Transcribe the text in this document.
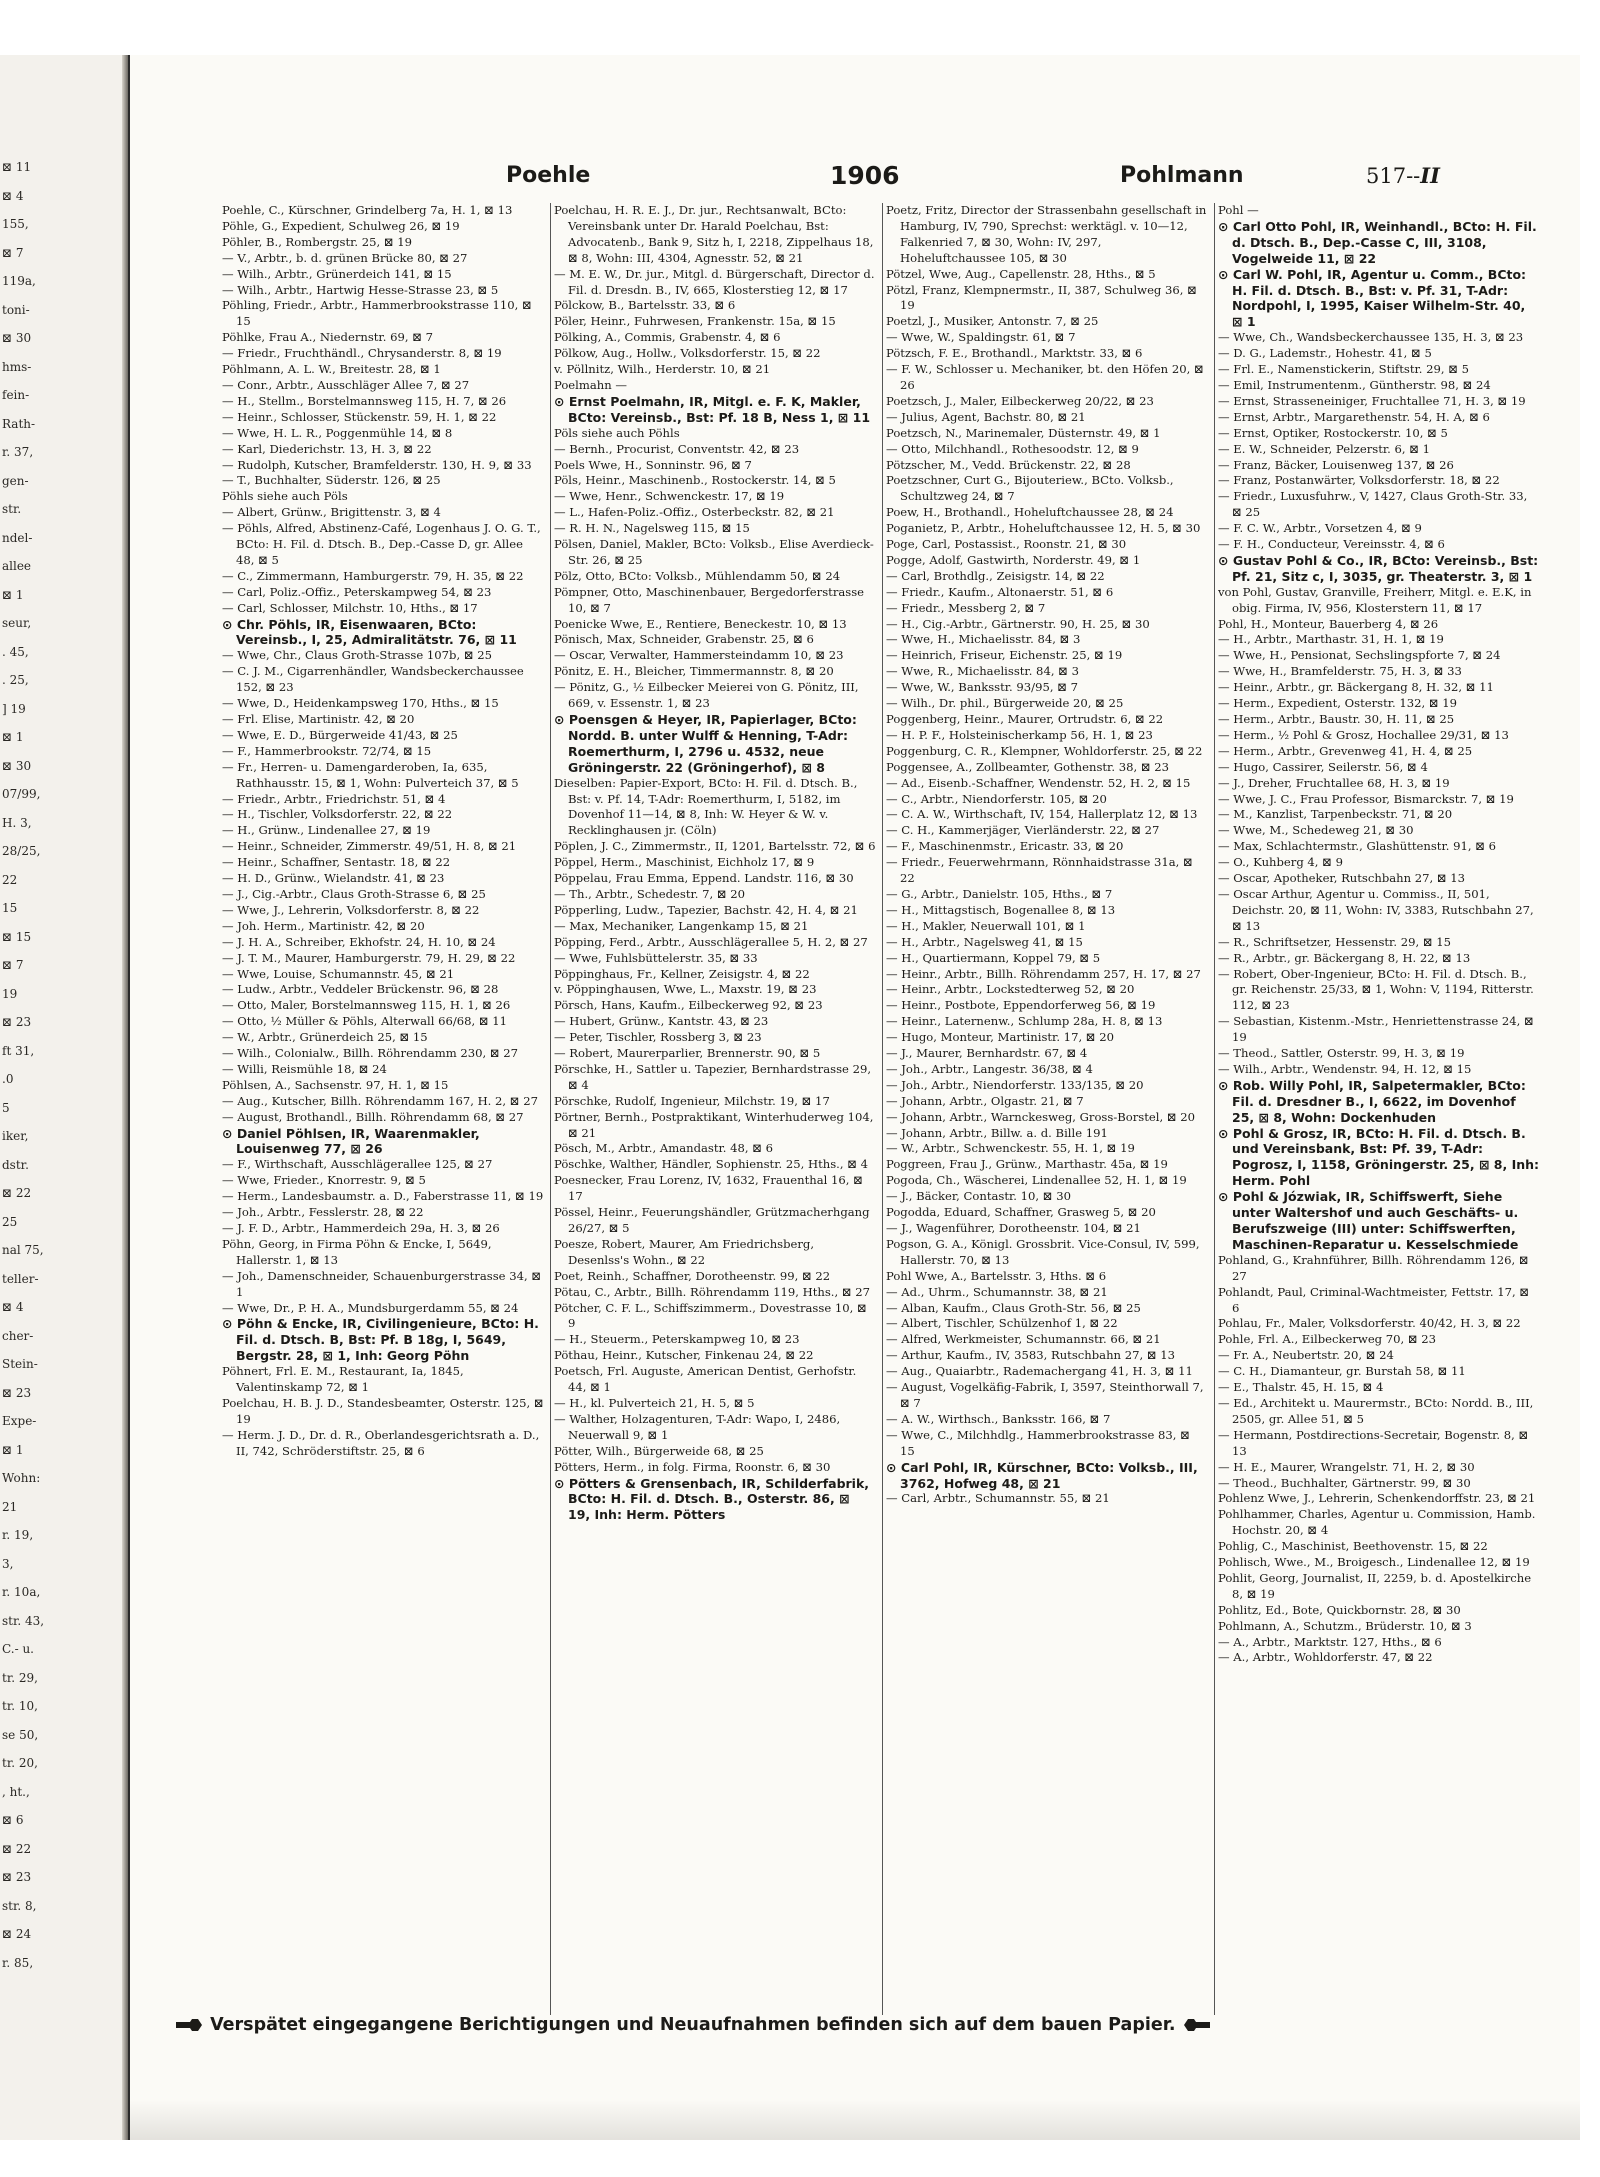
⊠ 11
⊠ 4
155,
⊠ 7
119a,
toni-
⊠ 30
hms-
fein-
Rath-
r. 37,
gen-
str.
ndel-
allee
⊠ 1
seur,
. 45,
. 25,
] 19
⊠ 1
⊠ 30
07/99,
H. 3,
28/25,
22
15
⊠ 15
⊠ 7
19
⊠ 23
ft 31,
.0
5
iker,
dstr.
⊠ 22
25
nal 75,
teller-
⊠ 4
cher-
Stein-
⊠ 23
Expe-
⊠ 1
Wohn:
21
r. 19,
3,
r. 10a,
str. 43,
C.- u.
tr. 29,
tr. 10,
se 50,
tr. 20,
, ht.,
⊠ 6
⊠ 22
⊠ 23
str. 8,
⊠ 24
r. 85,
Poehle	1906	Pohlmann	517--II

Poehle, C., Kürschner, Grindelberg 7a, H. 1, ⊠ 13

Pöhle, G., Expedient, Schulweg 26, ⊠ 19

Pöhler, B., Rombergstr. 25, ⊠ 19

— V., Arbtr., b. d. grünen Brücke 80, ⊠ 27

— Wilh., Arbtr., Grünerdeich 141, ⊠ 15

— Wilh., Arbtr., Hartwig Hesse-Strasse 23, ⊠ 5

Pöhling, Friedr., Arbtr., Hammerbrookstrasse 110, ⊠ 15

Pöhlke, Frau A., Niedernstr. 69, ⊠ 7

— Friedr., Fruchthändl., Chrysanderstr. 8, ⊠ 19

Pöhlmann, A. L. W., Breitestr. 28, ⊠ 1

— Conr., Arbtr., Ausschläger Allee 7, ⊠ 27

— H., Stellm., Borstelmannsweg 115, H. 7, ⊠ 26

— Heinr., Schlosser, Stückenstr. 59, H. 1, ⊠ 22

— Wwe, H. L. R., Poggenmühle 14, ⊠ 8

— Karl, Diederichstr. 13, H. 3, ⊠ 22

— Rudolph, Kutscher, Bramfelderstr. 130, H. 9, ⊠ 33

— T., Buchhalter, Süderstr. 126, ⊠ 25

Pöhls siehe auch Pöls

— Albert, Grünw., Brigittenstr. 3, ⊠ 4

— Pöhls, Alfred, Abstinenz-Café, Logenhaus J. O. G. T., BCto: H. Fil. d. Dtsch. B., Dep.-Casse D, gr. Allee 48, ⊠ 5

— C., Zimmermann, Hamburgerstr. 79, H. 35, ⊠ 22

— Carl, Poliz.-Offiz., Peterskampweg 54, ⊠ 23

— Carl, Schlosser, Milchstr. 10, Hths., ⊠ 17

⊙ Chr. Pöhls, IR, Eisenwaaren, BCto: Vereinsb., I, 25, Admiralitätstr. 76, ⊠ 11

— Wwe, Chr., Claus Groth-Strasse 107b, ⊠ 25

— C. J. M., Cigarrenhändler, Wandsbeckerchaussee 152, ⊠ 23

— Wwe, D., Heidenkampsweg 170, Hths., ⊠ 15

— Frl. Elise, Martinistr. 42, ⊠ 20

— Wwe, E. D., Bürgerweide 41/43, ⊠ 25

— F., Hammerbrookstr. 72/74, ⊠ 15

— Fr., Herren- u. Damengarderoben, Ia, 635, Rathhausstr. 15, ⊠ 1, Wohn: Pulverteich 37, ⊠ 5

— Friedr., Arbtr., Friedrichstr. 51, ⊠ 4

— H., Tischler, Volksdorferstr. 22, ⊠ 22

— H., Grünw., Lindenallee 27, ⊠ 19

— Heinr., Schneider, Zimmerstr. 49/51, H. 8, ⊠ 21

— Heinr., Schaffner, Sentastr. 18, ⊠ 22

— H. D., Grünw., Wielandstr. 41, ⊠ 23

— J., Cig.-Arbtr., Claus Groth-Strasse 6, ⊠ 25

— Wwe, J., Lehrerin, Volksdorferstr. 8, ⊠ 22

— Joh. Herm., Martinistr. 42, ⊠ 20

— J. H. A., Schreiber, Ekhofstr. 24, H. 10, ⊠ 24

— J. T. M., Maurer, Hamburgerstr. 79, H. 29, ⊠ 22

— Wwe, Louise, Schumannstr. 45, ⊠ 21

— Ludw., Arbtr., Veddeler Brückenstr. 96, ⊠ 28

— Otto, Maler, Borstelmannsweg 115, H. 1, ⊠ 26

— Otto, ½ Müller & Pöhls, Alterwall 66/68, ⊠ 11

— W., Arbtr., Grünerdeich 25, ⊠ 15

— Wilh., Colonialw., Billh. Röhrendamm 230, ⊠ 27

— Willi, Reismühle 18, ⊠ 24

Pöhlsen, A., Sachsenstr. 97, H. 1, ⊠ 15

— Aug., Kutscher, Billh. Röhrendamm 167, H. 2, ⊠ 27

— August, Brothandl., Billh. Röhrendamm 68, ⊠ 27

⊙ Daniel Pöhlsen, IR, Waarenmakler, Louisenweg 77, ⊠ 26

— F., Wirthschaft, Ausschlägerallee 125, ⊠ 27

— Wwe, Frieder., Knorrestr. 9, ⊠ 5

— Herm., Landesbaumstr. a. D., Faberstrasse 11, ⊠ 19

— Joh., Arbtr., Fesslerstr. 28, ⊠ 22

— J. F. D., Arbtr., Hammerdeich 29a, H. 3, ⊠ 26

Pöhn, Georg, in Firma Pöhn & Encke, I, 5649, Hallerstr. 1, ⊠ 13

— Joh., Damenschneider, Schauenburgerstrasse 34, ⊠ 1

— Wwe, Dr., P. H. A., Mundsburgerdamm 55, ⊠ 24

⊙ Pöhn & Encke, IR, Civilingenieure, BCto: H. Fil. d. Dtsch. B, Bst: Pf. B 18g, I, 5649, Bergstr. 28, ⊠ 1, Inh: Georg Pöhn

Pöhnert, Frl. E. M., Restaurant, Ia, 1845, Valentinskamp 72, ⊠ 1

Poelchau, H. B. J. D., Standesbeamter, Osterstr. 125, ⊠ 19

— Herm. J. D., Dr. d. R., Oberlandesgerichtsrath a. D., II, 742, Schröderstiftstr. 25, ⊠ 6

Poelchau, H. R. E. J., Dr. jur., Rechtsanwalt, BCto: Vereinsbank unter Dr. Harald Poelchau, Bst: Advocatenb., Bank 9, Sitz h, I, 2218, Zippelhaus 18, ⊠ 8, Wohn: III, 4304, Agnesstr. 52, ⊠ 21

— M. E. W., Dr. jur., Mitgl. d. Bürgerschaft, Director d. Fil. d. Dresdn. B., IV, 665, Klosterstieg 12, ⊠ 17

Pölckow, B., Bartelsstr. 33, ⊠ 6

Pöler, Heinr., Fuhrwesen, Frankenstr. 15a, ⊠ 15

Pölking, A., Commis, Grabenstr. 4, ⊠ 6

Pölkow, Aug., Hollw., Volksdorferstr. 15, ⊠ 22

v. Pöllnitz, Wilh., Herderstr. 10, ⊠ 21

Poelmahn —

⊙ Ernst Poelmahn, IR, Mitgl. e. F. K, Makler, BCto: Vereinsb., Bst: Pf. 18 B, Ness 1, ⊠ 11

Pöls siehe auch Pöhls

— Bernh., Procurist, Conventstr. 42, ⊠ 23

Poels Wwe, H., Sonninstr. 96, ⊠ 7

Pöls, Heinr., Maschinenb., Rostockerstr. 14, ⊠ 5

— Wwe, Henr., Schwenckestr. 17, ⊠ 19

— L., Hafen-Poliz.-Offiz., Osterbeckstr. 82, ⊠ 21

— R. H. N., Nagelsweg 115, ⊠ 15

Pölsen, Daniel, Makler, BCto: Volksb., Elise Averdieck-Str. 26, ⊠ 25

Pölz, Otto, BCto: Volksb., Mühlendamm 50, ⊠ 24

Pömpner, Otto, Maschinenbauer, Bergedorferstrasse 10, ⊠ 7

Poenicke Wwe, E., Rentiere, Beneckestr. 10, ⊠ 13

Pönisch, Max, Schneider, Grabenstr. 25, ⊠ 6

— Oscar, Verwalter, Hammersteindamm 10, ⊠ 23

Pönitz, E. H., Bleicher, Timmermannstr. 8, ⊠ 20

— Pönitz, G., ½ Eilbecker Meierei von G. Pönitz, III, 669, v. Essenstr. 1, ⊠ 23

⊙ Poensgen & Heyer, IR, Papierlager, BCto: Nordd. B. unter Wulff & Henning, T-Adr: Roemerthurm, I, 2796 u. 4532, neue Gröningerstr. 22 (Gröningerhof), ⊠ 8

Dieselben: Papier-Export, BCto: H. Fil. d. Dtsch. B., Bst: v. Pf. 14, T-Adr: Roemerthurm, I, 5182, im Dovenhof 11—14, ⊠ 8, Inh: W. Heyer & W. v. Recklinghausen jr. (Cöln)

Pöplen, J. C., Zimmermstr., II, 1201, Bartelsstr. 72, ⊠ 6

Pöppel, Herm., Maschinist, Eichholz 17, ⊠ 9

Pöppelau, Frau Emma, Eppend. Landstr. 116, ⊠ 30

— Th., Arbtr., Schedestr. 7, ⊠ 20

Pöpperling, Ludw., Tapezier, Bachstr. 42, H. 4, ⊠ 21

— Max, Mechaniker, Langenkamp 15, ⊠ 21

Pöpping, Ferd., Arbtr., Ausschlägerallee 5, H. 2, ⊠ 27

— Wwe, Fuhlsbüttelerstr. 35, ⊠ 33

Pöppinghaus, Fr., Kellner, Zeisigstr. 4, ⊠ 22

v. Pöppinghausen, Wwe, L., Maxstr. 19, ⊠ 23

Pörsch, Hans, Kaufm., Eilbeckerweg 92, ⊠ 23

— Hubert, Grünw., Kantstr. 43, ⊠ 23

— Peter, Tischler, Rossberg 3, ⊠ 23

— Robert, Maurerparlier, Brennerstr. 90, ⊠ 5

Pörschke, H., Sattler u. Tapezier, Bernhardstrasse 29, ⊠ 4

Pörschke, Rudolf, Ingenieur, Milchstr. 19, ⊠ 17

Pörtner, Bernh., Postpraktikant, Winterhuderweg 104, ⊠ 21

Pösch, M., Arbtr., Amandastr. 48, ⊠ 6

Pöschke, Walther, Händler, Sophienstr. 25, Hths., ⊠ 4

Poesnecker, Frau Lorenz, IV, 1632, Frauenthal 16, ⊠ 17

Pössel, Heinr., Feuerungshändler, Grützmacherhgang 26/27, ⊠ 5

Poesze, Robert, Maurer, Am Friedrichsberg, Desenlss's Wohn., ⊠ 22

Poet, Reinh., Schaffner, Dorotheenstr. 99, ⊠ 22

Pötau, C., Arbtr., Billh. Röhrendamm 119, Hths., ⊠ 27

Pötcher, C. F. L., Schiffszimmerm., Dovestrasse 10, ⊠ 9

— H., Steuerm., Peterskampweg 10, ⊠ 23

Pöthau, Heinr., Kutscher, Finkenau 24, ⊠ 22

Poetsch, Frl. Auguste, American Dentist, Gerhofstr. 44, ⊠ 1

— H., kl. Pulverteich 21, H. 5, ⊠ 5

— Walther, Holzagenturen, T-Adr: Wapo, I, 2486, Neuerwall 9, ⊠ 1

Pötter, Wilh., Bürgerweide 68, ⊠ 25

Pötters, Herm., in folg. Firma, Roonstr. 6, ⊠ 30

⊙ Pötters & Grensenbach, IR, Schilderfabrik, BCto: H. Fil. d. Dtsch. B., Osterstr. 86, ⊠ 19, Inh: Herm. Pötters

Poetz, Fritz, Director der Strassenbahn gesellschaft in Hamburg, IV, 790, Sprechst: werktägl. v. 10—12, Falkenried 7, ⊠ 30, Wohn: IV, 297, Hoheluftchaussee 105, ⊠ 30

Pötzel, Wwe, Aug., Capellenstr. 28, Hths., ⊠ 5

Pötzl, Franz, Klempnermstr., II, 387, Schulweg 36, ⊠ 19

Poetzl, J., Musiker, Antonstr. 7, ⊠ 25

— Wwe, W., Spaldingstr. 61, ⊠ 7

Pötzsch, F. E., Brothandl., Marktstr. 33, ⊠ 6

— F. W., Schlosser u. Mechaniker, bt. den Höfen 20, ⊠ 26

Poetzsch, J., Maler, Eilbeckerweg 20/22, ⊠ 23

— Julius, Agent, Bachstr. 80, ⊠ 21

Poetzsch, N., Marinemaler, Düsternstr. 49, ⊠ 1

— Otto, Milchhandl., Rothesoodstr. 12, ⊠ 9

Pötzscher, M., Vedd. Brückenstr. 22, ⊠ 28

Poetzschner, Curt G., Bijouteriew., BCto. Volksb., Schultzweg 24, ⊠ 7

Poew, H., Brothandl., Hoheluftchaussee 28, ⊠ 24

Poganietz, P., Arbtr., Hoheluftchaussee 12, H. 5, ⊠ 30

Poge, Carl, Postassist., Roonstr. 21, ⊠ 30

Pogge, Adolf, Gastwirth, Norderstr. 49, ⊠ 1

— Carl, Brothdlg., Zeisigstr. 14, ⊠ 22

— Friedr., Kaufm., Altonaerstr. 51, ⊠ 6

— Friedr., Messberg 2, ⊠ 7

— H., Cig.-Arbtr., Gärtnerstr. 90, H. 25, ⊠ 30

— Wwe, H., Michaelisstr. 84, ⊠ 3

— Heinrich, Friseur, Eichenstr. 25, ⊠ 19

— Wwe, R., Michaelisstr. 84, ⊠ 3

— Wwe, W., Banksstr. 93/95, ⊠ 7

— Wilh., Dr. phil., Bürgerweide 20, ⊠ 25

Poggenberg, Heinr., Maurer, Ortrudstr. 6, ⊠ 22

— H. P. F., Holsteinischerkamp 56, H. 1, ⊠ 23

Poggenburg, C. R., Klempner, Wohldorferstr. 25, ⊠ 22

Poggensee, A., Zollbeamter, Gothenstr. 38, ⊠ 23

— Ad., Eisenb.-Schaffner, Wendenstr. 52, H. 2, ⊠ 15

— C., Arbtr., Niendorferstr. 105, ⊠ 20

— C. A. W., Wirthschaft, IV, 154, Hallerplatz 12, ⊠ 13

— C. H., Kammerjäger, Vierländerstr. 22, ⊠ 27

— F., Maschinenmstr., Ericastr. 33, ⊠ 20

— Friedr., Feuerwehrmann, Rönnhaidstrasse 31a, ⊠ 22

— G., Arbtr., Danielstr. 105, Hths., ⊠ 7

— H., Mittagstisch, Bogenallee 8, ⊠ 13

— H., Makler, Neuerwall 101, ⊠ 1

— H., Arbtr., Nagelsweg 41, ⊠ 15

— H., Quartiermann, Koppel 79, ⊠ 5

— Heinr., Arbtr., Billh. Röhrendamm 257, H. 17, ⊠ 27

— Heinr., Arbtr., Lockstedterweg 52, ⊠ 20

— Heinr., Postbote, Eppendorferweg 56, ⊠ 19

— Heinr., Laternenw., Schlump 28a, H. 8, ⊠ 13

— Hugo, Monteur, Martinistr. 17, ⊠ 20

— J., Maurer, Bernhardstr. 67, ⊠ 4

— Joh., Arbtr., Langestr. 36/38, ⊠ 4

— Joh., Arbtr., Niendorferstr. 133/135, ⊠ 20

— Johann, Arbtr., Olgastr. 21, ⊠ 7

— Johann, Arbtr., Warnckesweg, Gross-Borstel, ⊠ 20

— Johann, Arbtr., Billw. a. d. Bille 191

— W., Arbtr., Schwenckestr. 55, H. 1, ⊠ 19

Poggreen, Frau J., Grünw., Marthastr. 45a, ⊠ 19

Pogoda, Ch., Wäscherei, Lindenallee 52, H. 1, ⊠ 19

— J., Bäcker, Contastr. 10, ⊠ 30

Pogodda, Eduard, Schaffner, Grasweg 5, ⊠ 20

— J., Wagenführer, Dorotheenstr. 104, ⊠ 21

Pogson, G. A., Königl. Grossbrit. Vice-Consul, IV, 599, Hallerstr. 70, ⊠ 13

Pohl Wwe, A., Bartelsstr. 3, Hths. ⊠ 6

— Ad., Uhrm., Schumannstr. 38, ⊠ 21

— Alban, Kaufm., Claus Groth-Str. 56, ⊠ 25

— Albert, Tischler, Schülzenhof 1, ⊠ 22

— Alfred, Werkmeister, Schumannstr. 66, ⊠ 21

— Arthur, Kaufm., IV, 3583, Rutschbahn 27, ⊠ 13

— Aug., Quaiarbtr., Rademachergang 41, H. 3, ⊠ 11

— August, Vogelkäfig-Fabrik, I, 3597, Steinthorwall 7, ⊠ 7

— A. W., Wirthsch., Banksstr. 166, ⊠ 7

— Wwe, C., Milchhdlg., Hammerbrookstrasse 83, ⊠ 15

⊙ Carl Pohl, IR, Kürschner, BCto: Volksb., III, 3762, Hofweg 48, ⊠ 21

— Carl, Arbtr., Schumannstr. 55, ⊠ 21

Pohl —

⊙ Carl Otto Pohl, IR, Weinhandl., BCto: H. Fil. d. Dtsch. B., Dep.-Casse C, III, 3108, Vogelweide 11, ⊠ 22

⊙ Carl W. Pohl, IR, Agentur u. Comm., BCto: H. Fil. d. Dtsch. B., Bst: v. Pf. 31, T-Adr: Nordpohl, I, 1995, Kaiser Wilhelm-Str. 40, ⊠ 1

— Wwe, Ch., Wandsbeckerchaussee 135, H. 3, ⊠ 23

— D. G., Lademstr., Hohestr. 41, ⊠ 5

— Frl. E., Namenstickerin, Stiftstr. 29, ⊠ 5

— Emil, Instrumentenm., Güntherstr. 98, ⊠ 24

— Ernst, Strasseneiniger, Fruchtallee 71, H. 3, ⊠ 19

— Ernst, Arbtr., Margarethenstr. 54, H. A, ⊠ 6

— Ernst, Optiker, Rostockerstr. 10, ⊠ 5

— E. W., Schneider, Pelzerstr. 6, ⊠ 1

— Franz, Bäcker, Louisenweg 137, ⊠ 26

— Franz, Postanwärter, Volksdorferstr. 18, ⊠ 22

— Friedr., Luxusfuhrw., V, 1427, Claus Groth-Str. 33, ⊠ 25

— F. C. W., Arbtr., Vorsetzen 4, ⊠ 9

— F. H., Conducteur, Vereinsstr. 4, ⊠ 6

⊙ Gustav Pohl & Co., IR, BCto: Vereinsb., Bst: Pf. 21, Sitz c, I, 3035, gr. Theaterstr. 3, ⊠ 1

von Pohl, Gustav, Granville, Freiherr, Mitgl. e. E.K, in obig. Firma, IV, 956, Klosterstern 11, ⊠ 17

Pohl, H., Monteur, Bauerberg 4, ⊠ 26

— H., Arbtr., Marthastr. 31, H. 1, ⊠ 19

— Wwe, H., Pensionat, Sechslingspforte 7, ⊠ 24

— Wwe, H., Bramfelderstr. 75, H. 3, ⊠ 33

— Heinr., Arbtr., gr. Bäckergang 8, H. 32, ⊠ 11

— Herm., Expedient, Osterstr. 132, ⊠ 19

— Herm., Arbtr., Baustr. 30, H. 11, ⊠ 25

— Herm., ½ Pohl & Grosz, Hochallee 29/31, ⊠ 13

— Herm., Arbtr., Grevenweg 41, H. 4, ⊠ 25

— Hugo, Cassirer, Seilerstr. 56, ⊠ 4

— J., Dreher, Fruchtallee 68, H. 3, ⊠ 19

— Wwe, J. C., Frau Professor, Bismarckstr. 7, ⊠ 19

— M., Kanzlist, Tarpenbeckstr. 71, ⊠ 20

— Wwe, M., Schedeweg 21, ⊠ 30

— Max, Schlachtermstr., Glashüttenstr. 91, ⊠ 6

— O., Kuhberg 4, ⊠ 9

— Oscar, Apotheker, Rutschbahn 27, ⊠ 13

— Oscar Arthur, Agentur u. Commiss., II, 501, Deichstr. 20, ⊠ 11, Wohn: IV, 3383, Rutschbahn 27, ⊠ 13

— R., Schriftsetzer, Hessenstr. 29, ⊠ 15

— R., Arbtr., gr. Bäckergang 8, H. 22, ⊠ 13

— Robert, Ober-Ingenieur, BCto: H. Fil. d. Dtsch. B., gr. Reichenstr. 25/33, ⊠ 1, Wohn: V, 1194, Ritterstr. 112, ⊠ 23

— Sebastian, Kistenm.-Mstr., Henriettenstrasse 24, ⊠ 19

— Theod., Sattler, Osterstr. 99, H. 3, ⊠ 19

— Wilh., Arbtr., Wendenstr. 94, H. 12, ⊠ 15

⊙ Rob. Willy Pohl, IR, Salpetermakler, BCto: Fil. d. Dresdner B., I, 6622, im Dovenhof 25, ⊠ 8, Wohn: Dockenhuden

⊙ Pohl & Grosz, IR, BCto: H. Fil. d. Dtsch. B. und Vereinsbank, Bst: Pf. 39, T-Adr: Pogrosz, I, 1158, Gröningerstr. 25, ⊠ 8, Inh: Herm. Pohl

⊙ Pohl & Józwiak, IR, Schiffswerft, Siehe unter Waltershof und auch Geschäfts- u. Berufszweige (III) unter: Schiffswerften, Maschinen-Reparatur u. Kesselschmiede

Pohland, G., Krahnführer, Billh. Röhrendamm 126, ⊠ 27

Pohlandt, Paul, Criminal-Wachtmeister, Fettstr. 17, ⊠ 6

Pohlau, Fr., Maler, Volksdorferstr. 40/42, H. 3, ⊠ 22

Pohle, Frl. A., Eilbeckerweg 70, ⊠ 23

— Fr. A., Neubertstr. 20, ⊠ 24

— C. H., Diamanteur, gr. Burstah 58, ⊠ 11

— E., Thalstr. 45, H. 15, ⊠ 4

— Ed., Architekt u. Maurermstr., BCto: Nordd. B., III, 2505, gr. Allee 51, ⊠ 5

— Hermann, Postdirections-Secretair, Bogenstr. 8, ⊠ 13

— H. E., Maurer, Wrangelstr. 71, H. 2, ⊠ 30

— Theod., Buchhalter, Gärtnerstr. 99, ⊠ 30

Pohlenz Wwe, J., Lehrerin, Schenkendorffstr. 23, ⊠ 21

Pohlhammer, Charles, Agentur u. Commission, Hamb. Hochstr. 20, ⊠ 4

Pohlig, C., Maschinist, Beethovenstr. 15, ⊠ 22

Pohlisch, Wwe., M., Broigesch., Lindenallee 12, ⊠ 19

Pohlit, Georg, Journalist, II, 2259, b. d. Apostelkirche 8, ⊠ 19

Pohlitz, Ed., Bote, Quickbornstr. 28, ⊠ 30

Pohlmann, A., Schutzm., Brüderstr. 10, ⊠ 3

— A., Arbtr., Marktstr. 127, Hths., ⊠ 6

— A., Arbtr., Wohldorferstr. 47, ⊠ 22

Verspätet eingegangene Berichtigungen und Neuaufnahmen befinden sich auf dem bauen Papier.
